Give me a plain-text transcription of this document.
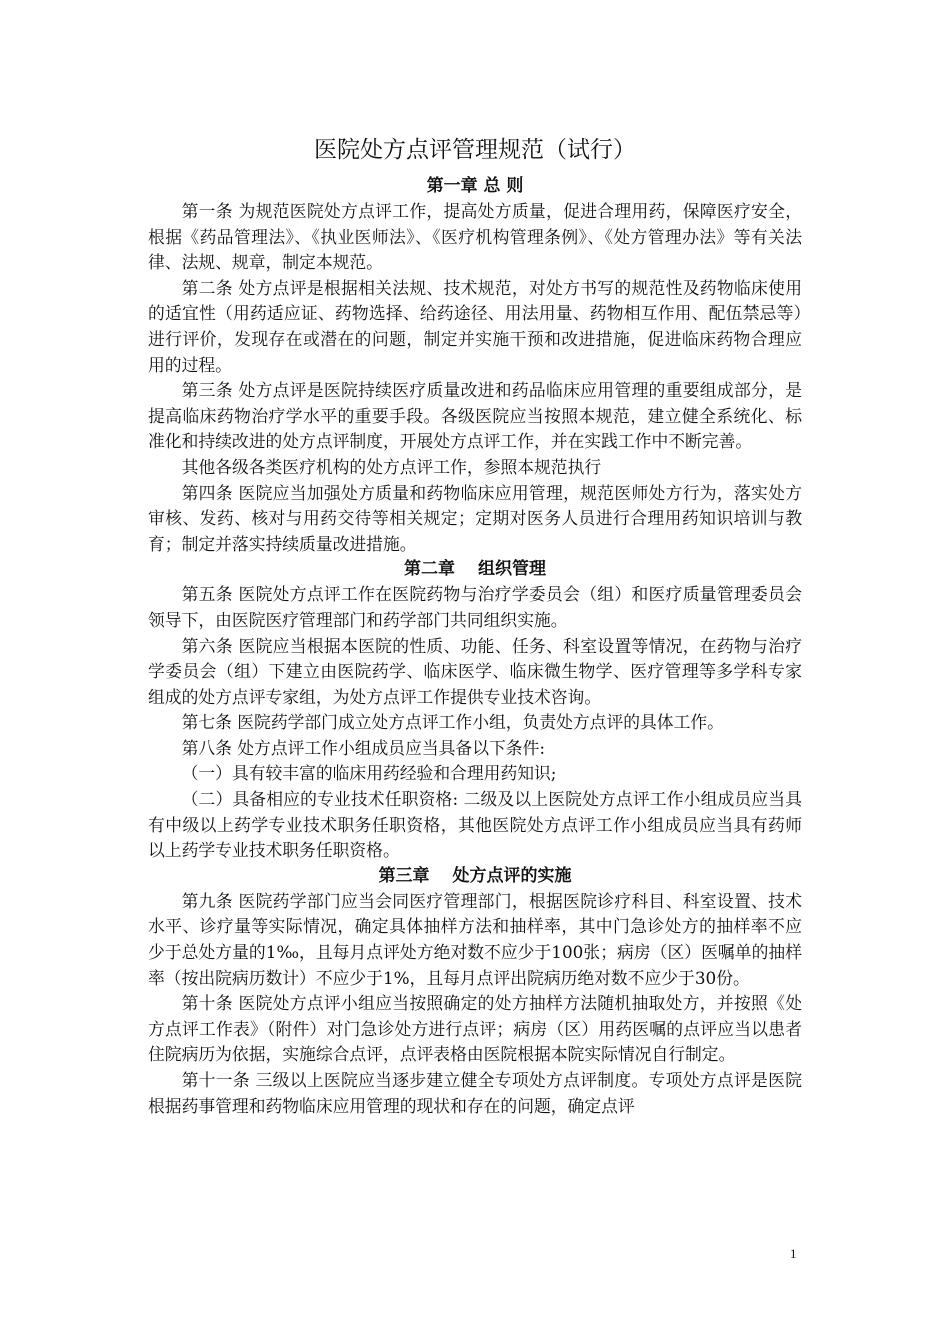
医院处方点评管理规范（试行）
第一章 总 则

第一条 为规范医院处方点评工作，提高处方质量，促进合理用药，保障医疗安全，根据《药品管理法》、《执业医师法》、《医疗机构管理条例》、《处方管理办法》等有关法律、法规、规章，制定本规范。

第二条 处方点评是根据相关法规、技术规范，对处方书写的规范性及药物临床使用的适宜性（用药适应证、药物选择、给药途径、用法用量、药物相互作用、配伍禁忌等）进行评价，发现存在或潜在的问题，制定并实施干预和改进措施，促进临床药物合理应用的过程。

第三条 处方点评是医院持续医疗质量改进和药品临床应用管理的重要组成部分，是提高临床药物治疗学水平的重要手段。各级医院应当按照本规范，建立健全系统化、标准化和持续改进的处方点评制度，开展处方点评工作，并在实践工作中不断完善。

其他各级各类医疗机构的处方点评工作，参照本规范执行

第四条 医院应当加强处方质量和药物临床应用管理，规范医师处方行为，落实处方审核、发药、核对与用药交待等相关规定；定期对医务人员进行合理用药知识培训与教育；制定并落实持续质量改进措施。

第二章　 组织管理

第五条 医院处方点评工作在医院药物与治疗学委员会（组）和医疗质量管理委员会领导下，由医院医疗管理部门和药学部门共同组织实施。

第六条 医院应当根据本医院的性质、功能、任务、科室设置等情况，在药物与治疗学委员会（组）下建立由医院药学、临床医学、临床微生物学、医疗管理等多学科专家组成的处方点评专家组，为处方点评工作提供专业技术咨询。

第七条 医院药学部门成立处方点评工作小组，负责处方点评的具体工作。

第八条 处方点评工作小组成员应当具备以下条件:

（一）具有较丰富的临床用药经验和合理用药知识;

（二）具备相应的专业技术任职资格: 二级及以上医院处方点评工作小组成员应当具有中级以上药学专业技术职务任职资格，其他医院处方点评工作小组成员应当具有药师以上药学专业技术职务任职资格。

第三章　 处方点评的实施

第九条 医院药学部门应当会同医疗管理部门，根据医院诊疗科目、科室设置、技术水平、诊疗量等实际情况，确定具体抽样方法和抽样率，其中门急诊处方的抽样率不应少于总处方量的1‰，且每月点评处方绝对数不应少于100张；病房（区）医嘱单的抽样率（按出院病历数计）不应少于1%，且每月点评出院病历绝对数不应少于30份。

第十条 医院处方点评小组应当按照确定的处方抽样方法随机抽取处方，并按照《处方点评工作表》（附件）对门急诊处方进行点评；病房（区）用药医嘱的点评应当以患者住院病历为依据，实施综合点评，点评表格由医院根据本院实际情况自行制定。

第十一条 三级以上医院应当逐步建立健全专项处方点评制度。专项处方点评是医院根据药事管理和药物临床应用管理的现状和存在的问题，确定点评

1
